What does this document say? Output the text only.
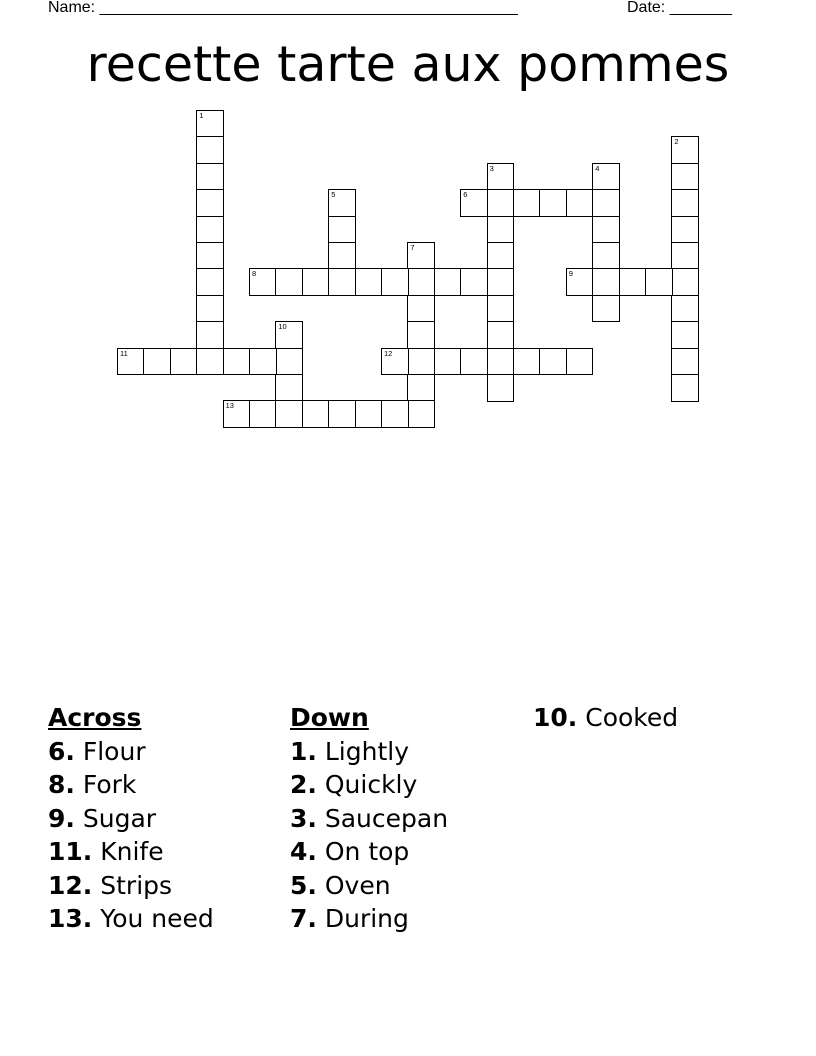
Name: _______________________________________________	Date: _______
recette tarte aux pommes
1
2
3	4
5	6
7
8	9
10
11	12
13
Across
6. Flour
8. Fork
9. Sugar
11. Knife
12. Strips
13. You need
Down
1. Lightly
2. Quickly
3. Saucepan
4. On top
5. Oven
7. During
10. Cooked
